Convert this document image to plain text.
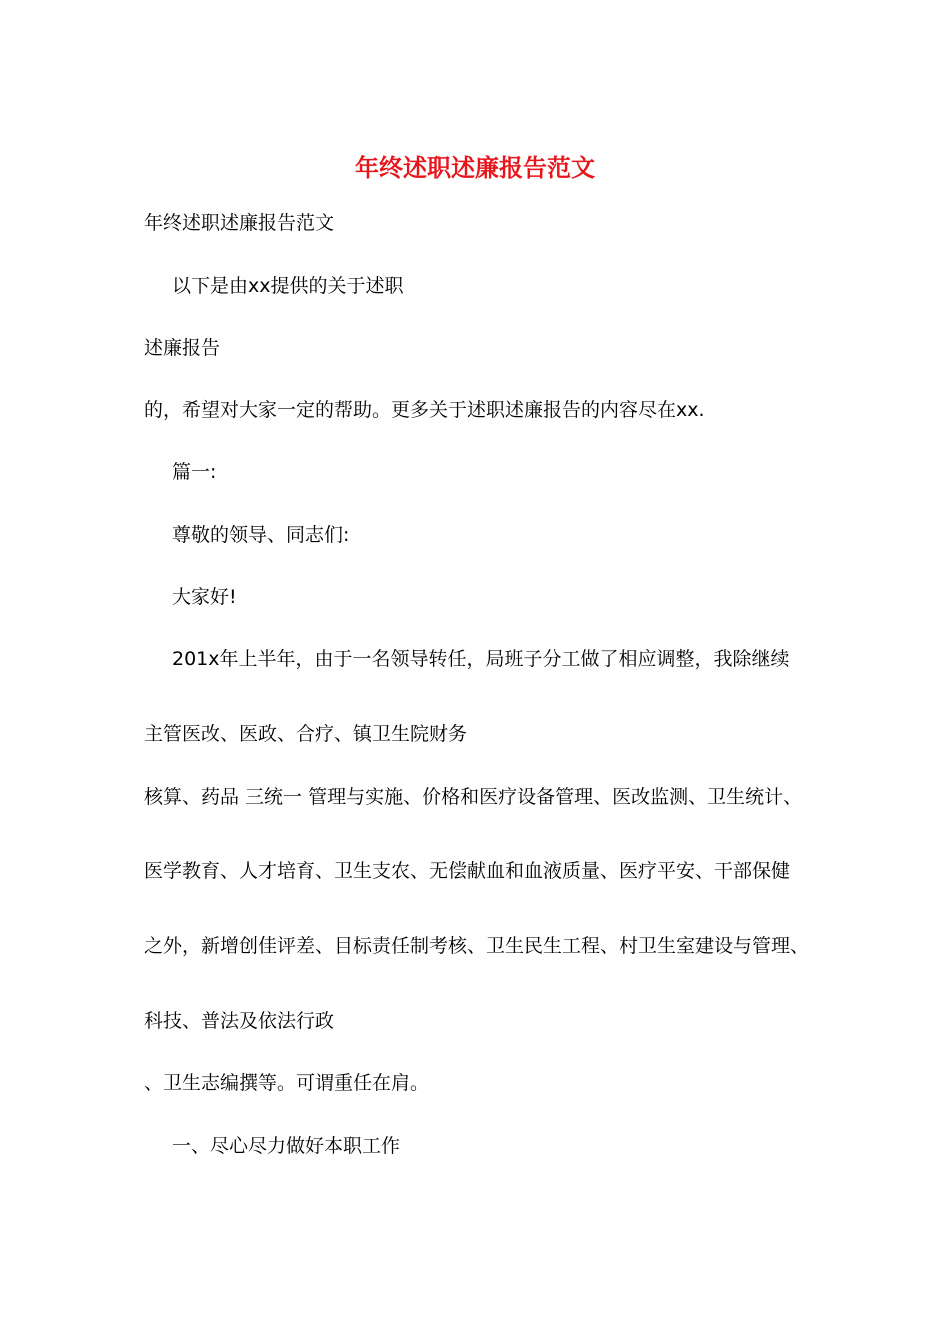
年终述职述廉报告范文
年终述职述廉报告范文
以下是由xx提供的关于述职
述廉报告
的，希望对大家一定的帮助。更多关于述职述廉报告的内容尽在xx.
篇一:
尊敬的领导、同志们:
大家好!
201x年上半年，由于一名领导转任，局班子分工做了相应调整，我除继续
主管医改、医政、合疗、镇卫生院财务
核算、药品 三统一 管理与实施、价格和医疗设备管理、医改监测、卫生统计、
医学教育、人才培育、卫生支农、无偿献血和血液质量、医疗平安、干部保健
之外，新增创佳评差、目标责任制考核、卫生民生工程、村卫生室建设与管理、
科技、普法及依法行政
、卫生志编撰等。可谓重任在肩。
一、尽心尽力做好本职工作
